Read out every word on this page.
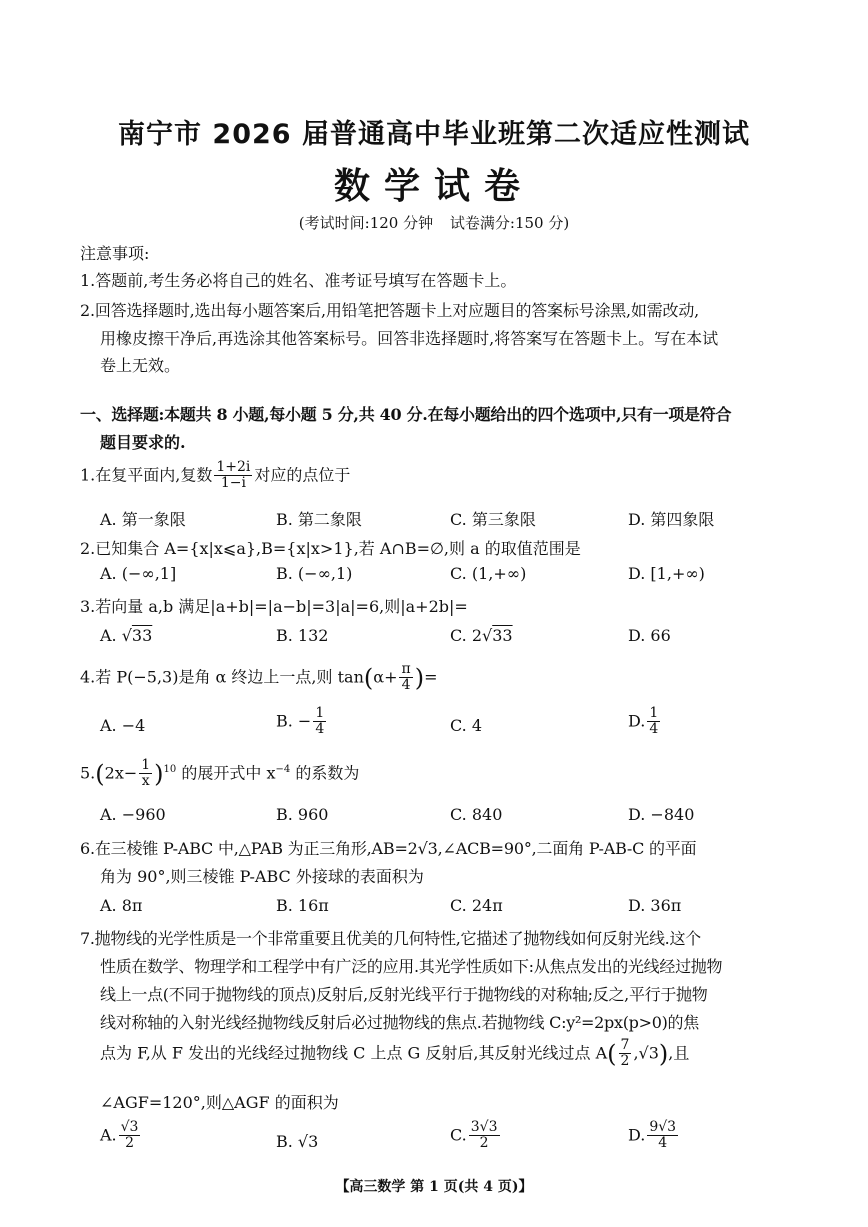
南宁市 2026 届普通高中毕业班第二次适应性测试
数学试卷
(考试时间:120 分钟 试卷满分:150 分)
注意事项:
1.答题前,考生务必将自己的姓名、准考证号填写在答题卡上。
2.回答选择题时,选出每小题答案后,用铅笔把答题卡上对应题目的答案标号涂黑,如需改动,
用橡皮擦干净后,再选涂其他答案标号。回答非选择题时,将答案写在答题卡上。写在本试
卷上无效。
一、选择题:本题共 8 小题,每小题 5 分,共 40 分.在每小题给出的四个选项中,只有一项是符合
题目要求的.
1.在复平面内,复数 $\frac{1+2i}{1-i}$ 对应的点位于
A. 第一象限	B. 第二象限	C. 第三象限	D. 第四象限
2.已知集合 A={x|x⩽a},B={x|x>1},若 A∩B=∅,则 a 的取值范围是
A. (−∞,1]	B. (−∞,1)	C. (1,+∞)	D. [1,+∞)
3.若向量 a,b 满足|a+b|=|a−b|=3|a|=6,则|a+2b|=
A. √33	B. 132	C. 2√33	D. 66
4.若 P(−5,3)是角 α 终边上一点,则 $\tan(\alpha+ \frac{\pi}{4}$ )=
A. −4	B. − $\frac{1}{4}$	C. 4	D. $\frac{1}{4}$
$5.(2x- \frac{1}{x} )^{10}$ 的展开式中 $x^{-4}$ 的系数为
A. −960	B. 960	C. 840	D. −840
6.在三棱锥 P-ABC 中,△PAB 为正三角形,AB=2√3,∠ACB=90°,二面角 P-AB-C 的平面
角为 90°,则三棱锥 P-ABC 外接球的表面积为
A. 8π	B. 16π	C. 24π	D. 36π
7.抛物线的光学性质是一个非常重要且优美的几何特性,它描述了抛物线如何反射光线.这个
性质在数学、物理学和工程学中有广泛的应用.其光学性质如下:从焦点发出的光线经过抛物
线上一点(不同于抛物线的顶点)反射后,反射光线平行于抛物线的对称轴;反之,平行于抛物
线对称轴的入射光线经抛物线反射后必过抛物线的焦点.若抛物线 C:y²=2px(p>0)的焦
点为 F,从 F 发出的光线经过抛物线 C 上点 G 反射后,其反射光线过点 $A( \frac{7}{2} ,√3)$,且
∠AGF=120°,则△AGF 的面积为
A. $\frac{√3}{2}$	B. √3	C. $\frac{3√3}{2}$	D. $\frac{9√3}{4}$
【高三数学 第 1 页(共 4 页)】
